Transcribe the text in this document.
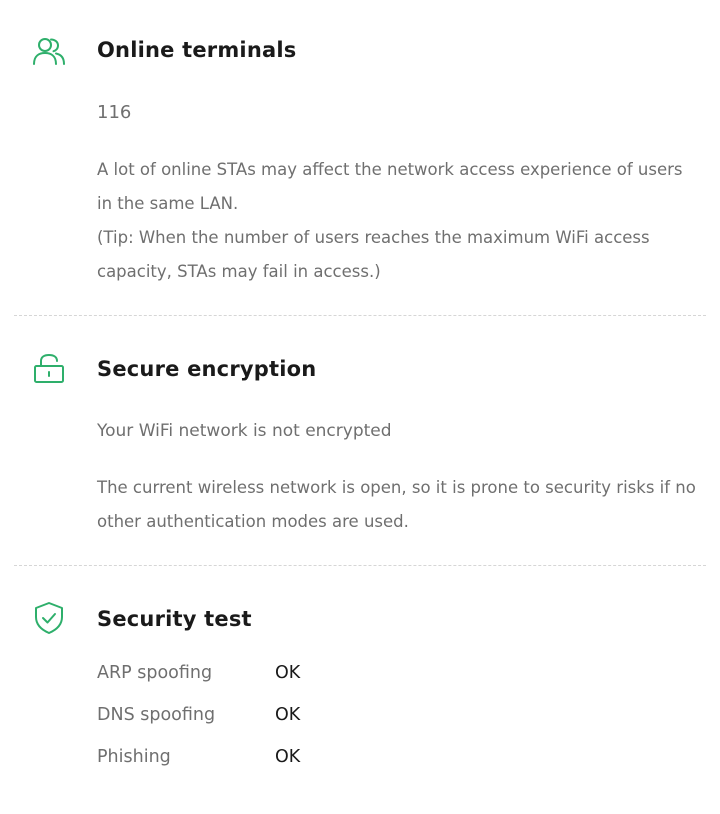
Online terminals
116

A lot of online STAs may affect the network access experience of users in the same LAN.

(Tip: When the number of users reaches the maximum WiFi access capacity, STAs may fail in access.)

Secure encryption
Your WiFi network is not encrypted
The current wireless network is open, so it is prone to security risks if no other authentication modes are used.
Security test
ARP spoofing	OK
DNS spoofing	OK
Phishing	OK
